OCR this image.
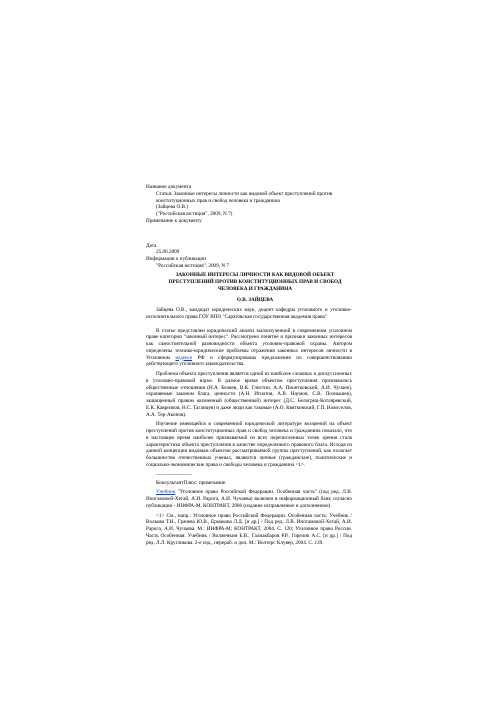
Название документа
Статья: Законные интересы личности как видовой объект преступлений против конституционных прав и свобод человека и гражданина
(Зайцева О.В.)
("Российская юстиция", 2009, N 7)
Примечание к документу
Дата
25.06.2009
Информация о публикации
"Российская юстиция", 2009, N 7
ЗАКОННЫЕ ИНТЕРЕСЫ ЛИЧНОСТИ КАК ВИДОВОЙ ОБЪЕКТ ПРЕСТУПЛЕНИЙ ПРОТИВ КОНСТИТУЦИОННЫХ ПРАВ И СВОБОД ЧЕЛОВЕКА И ГРАЖДАНИНА
О.В. ЗАЙЦЕВА

Зайцева О.В., кандидат юридических наук, доцент кафедры уголовного и уголовно-исполнительного права ГОУ ВПО "Саратовская государственная академия права".

В статье представлен юридический анализ малоизученной в современном уголовном праве категории "законный интерес". Рассмотрено понятие и признаки законных интересов как самостоятельной разновидности объекта уголовно-правовой охраны. Автором определены технико-юридические проблемы отражения законных интересов личности в Уголовном кодексе РФ и сформулированы предложения по совершенствованию действующего уголовного законодательства.

Проблема объекта преступления является одной из наиболее сложных и дискуссионных в уголовно-правовой науке. В разное время объектом преступления признавались общественные отношения (Н.А. Беляев, В.К. Глистин, А.А. Пионтковский, А.И. Чучаев), охраняемые законом блага, ценности (А.Н. Игнатов, А.В. Наумов, С.В. Познышев), защищенный правом жизненный (общественный) интерес (Д.С. Белогриц-Котляревский, Е.К. Кавризков, Н.С. Таганцев) и даже люди как таковые (А.О. Квятковский, Г.П. Новоселов, А.А. Тер-Акопов).

Изучение имеющейся в современной юридической литературе воззрений на объект преступлений против конституционных прав и свобод человека и гражданина показало, что в настоящее время наиболее признаваемой из всех перечисленных точек зрения стала характеристика объекта преступления в качестве определенного правового блага. Исходя из данной концепции видовым объектом рассматриваемой группы преступлений, как полагает большинство отечественных ученых, являются личные (гражданские), политические и социально-экономические права и свободы человека и гражданина <1>.

--------------------------------

КонсультантПлюс: примечание.

Учебник "Уголовное право Российской Федерации. Особенная часть" (под ред. Л.В. Иногамовой-Хегай, А.И. Рарога, А.И. Чучаева) включен в информационный банк согласно публикации - ИНФРА-М, КОНТРАКТ, 2006 (издание исправленное и дополненное).

<1> См., напр.: Уголовное право Российской Федерации. Особенная часть: Учебник / Волкова Т.Н., Грачева Ю.В., Ермакова Л.Д. [и др.] / Под ред. Л.В. Иногамовой-Хегай, А.И. Рарога, А.И. Чучаева. М.: ИНФРА-М; КОНТРАКТ, 2004. С. 120; Уголовное право России. Часть Особенная: Учебник / Волженкин Б.В., Галиакбаров Р.Р., Горелик А.С. [и др.] / Под ред. Л.Л. Кругликова. 2-е изд., перераб. и доп. М.: Волтерс Клувер, 2004. С. 139.
